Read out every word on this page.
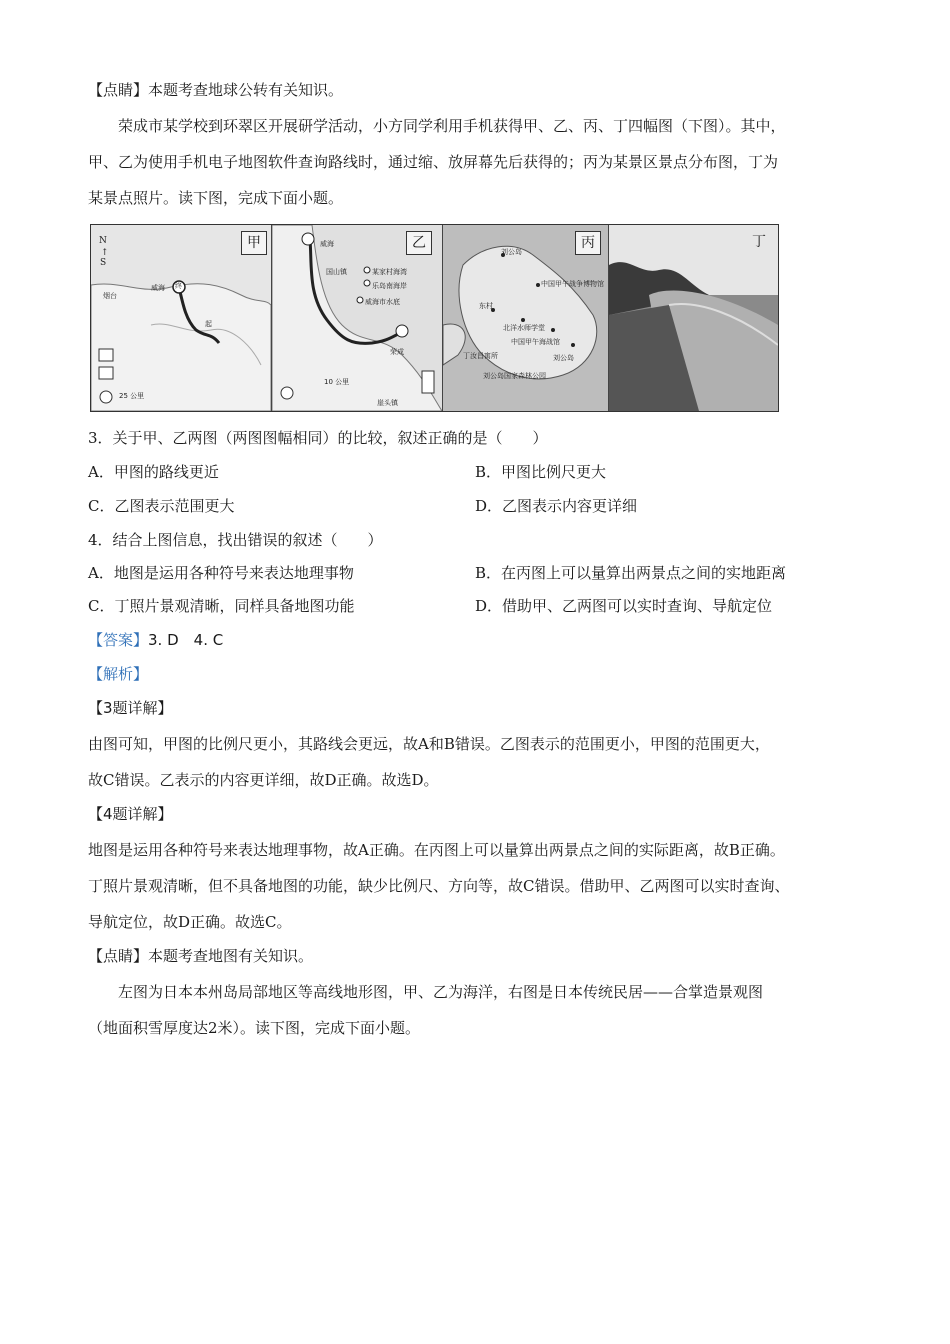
【点睛】本题考查地球公转有关知识。
荣成市某学校到环翠区开展研学活动，小方同学利用手机获得甲、乙、丙、丁四幅图（下图）。其中，
甲、乙为使用手机电子地图软件查询路线时，通过缩、放屏幕先后获得的；丙为某景区景点分布图，丁为
某景点照片。读下图，完成下面小题。
N
↑
S
烟台
威海 终
起
25 公里
甲	威海
国山镇	某家村海湾
乐岛南海岸
威海市水底
荣成
10 公里
崖头镇
乙
刘公岛
中国甲午战争博物馆
东村
北洋水师学堂
中国甲午海战馆
丁汝昌寓所	刘公岛
刘公岛国家森林公园
丙	丁
3．关于甲、乙两图（两图图幅相同）的比较，叙述正确的是（　　）
A．甲图的路线更近	B．甲图比例尺更大
C．乙图表示范围更大	D．乙图表示内容更详细
4．结合上图信息，找出错误的叙述（　　）
A．地图是运用各种符号来表达地理事物	B．在丙图上可以量算出两景点之间的实地距离
C．丁照片景观清晰，同样具备地图功能	D．借助甲、乙两图可以实时查询、导航定位
【答案】3. D　4. C
【解析】
【3题详解】
由图可知，甲图的比例尺更小，其路线会更远，故A和B错误。乙图表示的范围更小，甲图的范围更大，
故C错误。乙表示的内容更详细，故D正确。故选D。
【4题详解】
地图是运用各种符号来表达地理事物，故A正确。在丙图上可以量算出两景点之间的实际距离，故B正确。
丁照片景观清晰，但不具备地图的功能，缺少比例尺、方向等，故C错误。借助甲、乙两图可以实时查询、
导航定位，故D正确。故选C。
【点睛】本题考查地图有关知识。
左图为日本本州岛局部地区等高线地形图，甲、乙为海洋，右图是日本传统民居——合掌造景观图
（地面积雪厚度达2米）。读下图，完成下面小题。
